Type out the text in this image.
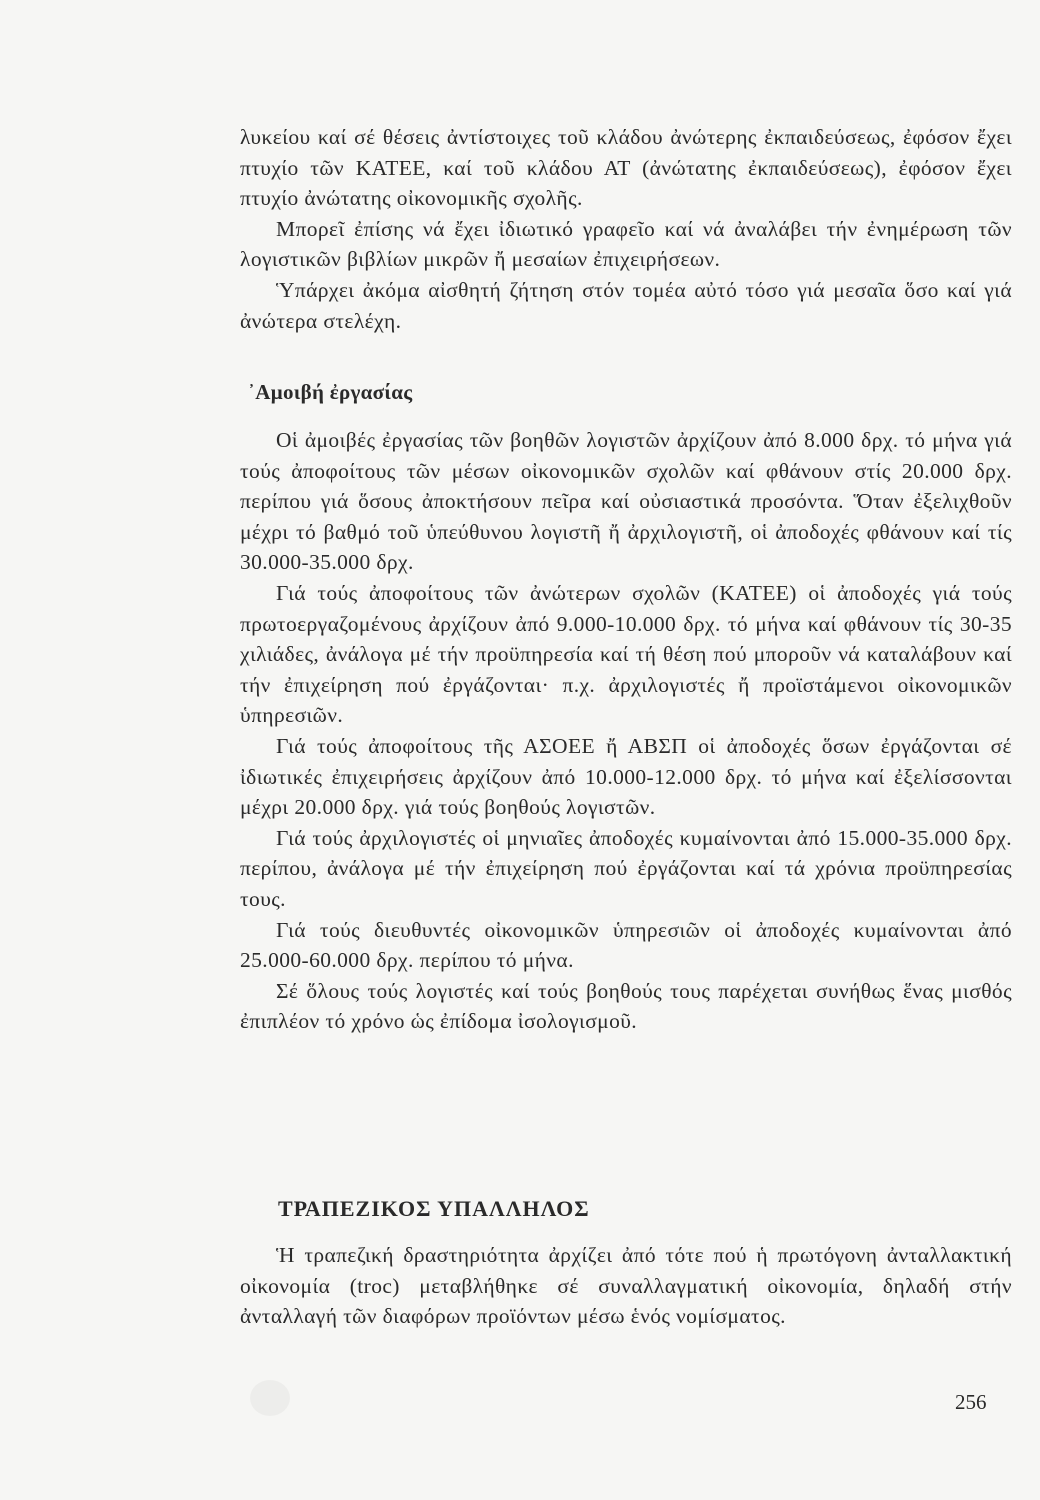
λυκείου καί σέ θέσεις ἀντίστοιχες τοῦ κλάδου ἀνώτερης ἐκπαιδεύσεως, ἐφόσον ἔχει πτυχίο τῶν ΚΑΤΕΕ, καί τοῦ κλάδου ΑΤ (ἀνώτατης ἐκπαιδεύσεως), ἐφόσον ἔχει πτυχίο ἀνώτατης οἰκονομικῆς σχολῆς.

Μπορεῖ ἐπίσης νά ἔχει ἰδιωτικό γραφεῖο καί νά ἀναλάβει τήν ἐνημέρωση τῶν λογιστικῶν βιβλίων μικρῶν ἤ μεσαίων ἐπιχειρήσεων.

Ὑπάρχει ἀκόμα αἰσθητή ζήτηση στόν τομέα αὐτό τόσο γιά μεσαῖα ὅσο καί γιά ἀνώτερα στελέχη.

᾿Αμοιβή ἐργασίας

Οἱ ἀμοιβές ἐργασίας τῶν βοηθῶν λογιστῶν ἀρχίζουν ἀπό 8.000 δρχ. τό μήνα γιά τούς ἀποφοίτους τῶν μέσων οἰκονομικῶν σχολῶν καί φθάνουν στίς 20.000 δρχ. περίπου γιά ὅσους ἀποκτήσουν πεῖρα καί οὐσιαστικά προσόντα. Ὅταν ἐξελιχθοῦν μέχρι τό βαθμό τοῦ ὑπεύθυνου λογιστῆ ἤ ἀρχιλογιστῆ, οἱ ἀποδοχές φθάνουν καί τίς 30.000-35.000 δρχ.

Γιά τούς ἀποφοίτους τῶν ἀνώτερων σχολῶν (ΚΑΤΕΕ) οἱ ἀποδοχές γιά τούς πρωτοεργαζομένους ἀρχίζουν ἀπό 9.000-10.000 δρχ. τό μήνα καί φθάνουν τίς 30-35 χιλιάδες, ἀνάλογα μέ τήν προϋπηρεσία καί τή θέση πού μποροῦν νά καταλάβουν καί τήν ἐπιχείρηση πού ἐργάζονται· π.χ. ἀρχιλογιστές ἤ προϊστάμενοι οἰκονομικῶν ὑπηρεσιῶν.

Γιά τούς ἀποφοίτους τῆς ΑΣΟΕΕ ἤ ΑΒΣΠ οἱ ἀποδοχές ὅσων ἐργάζονται σέ ἰδιωτικές ἐπιχειρήσεις ἀρχίζουν ἀπό 10.000-12.000 δρχ. τό μήνα καί ἐξελίσσονται μέχρι 20.000 δρχ. γιά τούς βοηθούς λογιστῶν.

Γιά τούς ἀρχιλογιστές οἱ μηνιαῖες ἀποδοχές κυμαίνονται ἀπό 15.000-35.000 δρχ. περίπου, ἀνάλογα μέ τήν ἐπιχείρηση πού ἐργάζονται καί τά χρόνια προϋπηρεσίας τους.

Γιά τούς διευθυντές οἰκονομικῶν ὑπηρεσιῶν οἱ ἀποδοχές κυμαίνονται ἀπό 25.000-60.000 δρχ. περίπου τό μήνα.

Σέ ὅλους τούς λογιστές καί τούς βοηθούς τους παρέχεται συνήθως ἕνας μισθός ἐπιπλέον τό χρόνο ὡς ἐπίδομα ἰσολογισμοῦ.

ΤΡΑΠΕΖΙΚΟΣ ΥΠΑΛΛΗΛΟΣ

Ἡ τραπεζική δραστηριότητα ἀρχίζει ἀπό τότε πού ἡ πρωτόγονη ἀνταλλακτική οἰκονομία (troc) μεταβλήθηκε σέ συναλλαγματική οἰκονομία, δηλαδή στήν ἀνταλλαγή τῶν διαφόρων προϊόντων μέσω ἑνός νομίσματος.

256
